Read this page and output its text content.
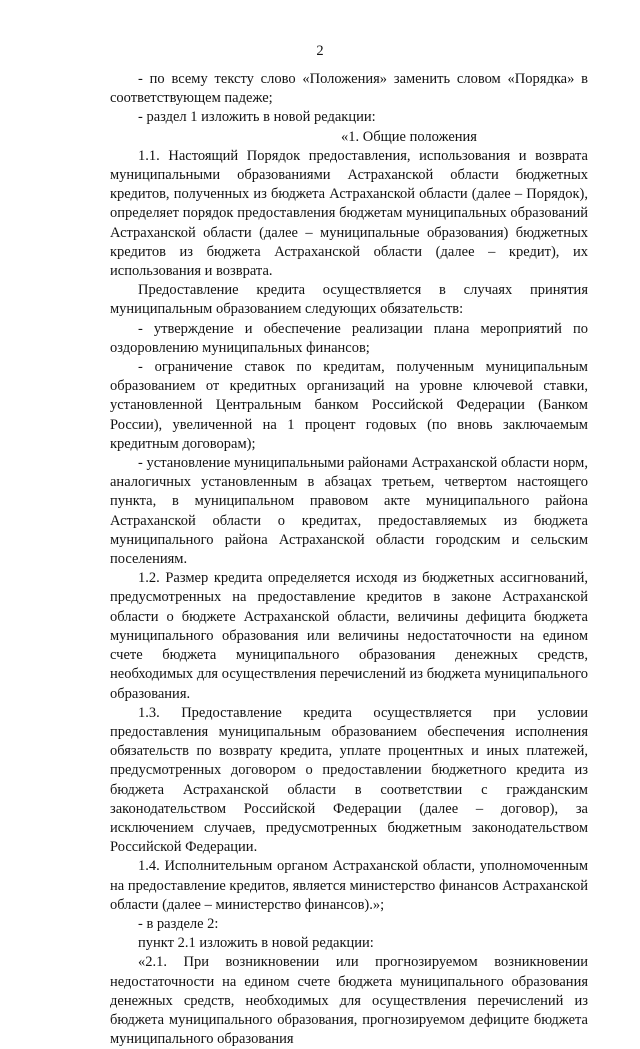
2

- по всему тексту слово «Положения» заменить словом «Порядка» в соответствующем падеже;

- раздел 1 изложить в новой редакции:

«1. Общие положения

1.1. Настоящий Порядок предоставления, использования и возврата муниципальными образованиями Астраханской области бюджетных кредитов, полученных из бюджета Астраханской области (далее – Порядок), определяет порядок предоставления бюджетам муниципальных образований Астраханской области (далее – муниципальные образования) бюджетных кредитов из бюджета Астраханской области (далее – кредит), их использования и возврата.

Предоставление кредита осуществляется в случаях принятия муниципальным образованием следующих обязательств:

- утверждение и обеспечение реализации плана мероприятий по оздоровлению муниципальных финансов;

- ограничение ставок по кредитам, полученным муниципальным образованием от кредитных организаций на уровне ключевой ставки, установленной Центральным банком Российской Федерации (Банком России), увеличенной на 1 процент годовых (по вновь заключаемым кредитным договорам);

- установление муниципальными районами Астраханской области норм, аналогичных установленным в абзацах третьем, четвертом настоящего пункта, в муниципальном правовом акте муниципального района Астраханской области о кредитах, предоставляемых из бюджета муниципального района Астраханской области городским и сельским поселениям.

1.2. Размер кредита определяется исходя из бюджетных ассигнований, предусмотренных на предоставление кредитов в законе Астраханской области о бюджете Астраханской области, величины дефицита бюджета муниципального образования или величины недостаточности на едином счете бюджета муниципального образования денежных средств, необходимых для осуществления перечислений из бюджета муниципального образования.

1.3. Предоставление кредита осуществляется при условии предоставления муниципальным образованием обеспечения исполнения обязательств по возврату кредита, уплате процентных и иных платежей, предусмотренных договором о предоставлении бюджетного кредита из бюджета Астраханской области в соответствии с гражданским законодательством Российской Федерации (далее – договор), за исключением случаев, предусмотренных бюджетным законодательством Российской Федерации.

1.4. Исполнительным органом Астраханской области, уполномоченным на предоставление кредитов, является министерство финансов Астраханской области (далее – министерство финансов).»;

- в разделе 2:

пункт 2.1 изложить в новой редакции:

«2.1. При возникновении или прогнозируемом возникновении недостаточности на едином счете бюджета муниципального образования денежных средств, необходимых для осуществления перечислений из бюджета муниципального образования, прогнозируемом дефиците бюджета муниципального образования
